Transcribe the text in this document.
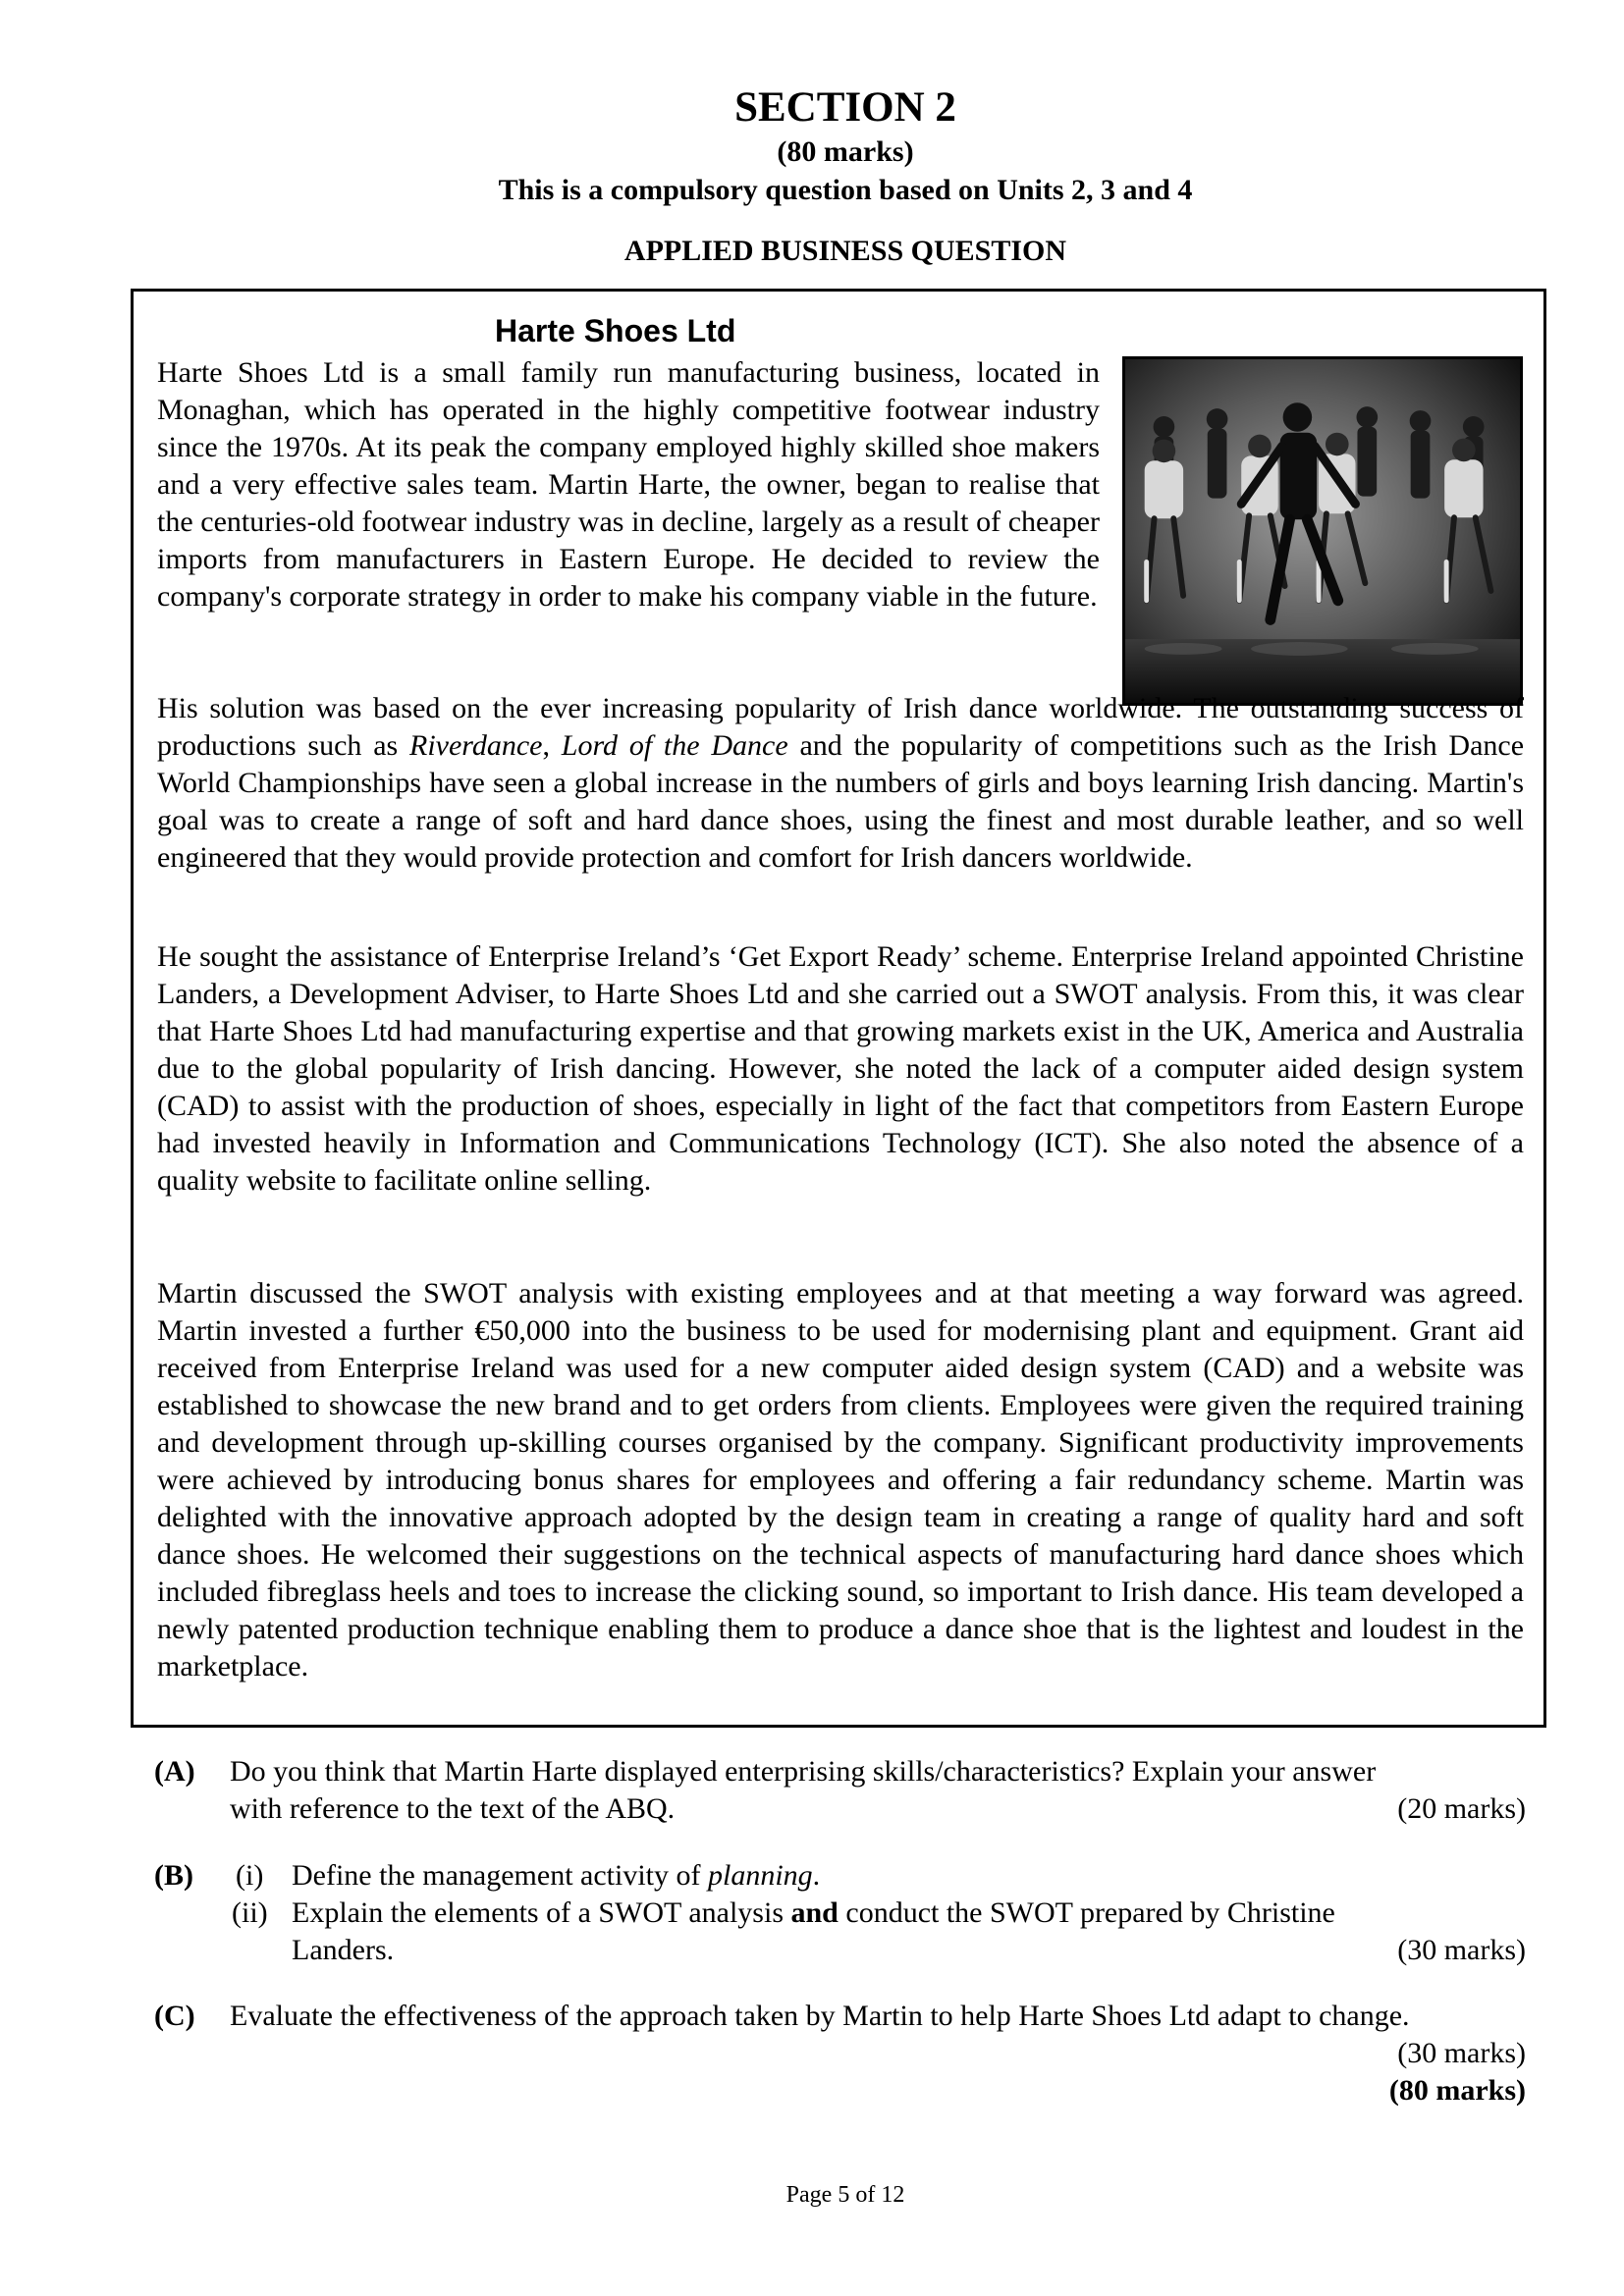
SECTION 2
(80 marks)
This is a compulsory question based on Units 2, 3 and 4
APPLIED BUSINESS QUESTION
Harte Shoes Ltd

Harte Shoes Ltd is a small family run manufacturing business, located in Monaghan, which has operated in the highly competitive footwear industry since the 1970s. At its peak the company employed highly skilled shoe makers and a very effective sales team. Martin Harte, the owner, began to realise that the centuries-old footwear industry was in decline, largely as a result of cheaper imports from manufacturers in Eastern Europe. He decided to review the company's corporate strategy in order to make his company viable in the future.

His solution was based on the ever increasing popularity of Irish dance worldwide. The outstanding success of productions such as Riverdance, Lord of the Dance and the popularity of competitions such as the Irish Dance World Championships have seen a global increase in the numbers of girls and boys learning Irish dancing. Martin's goal was to create a range of soft and hard dance shoes, using the finest and most durable leather, and so well engineered that they would provide protection and comfort for Irish dancers worldwide.

He sought the assistance of Enterprise Ireland’s ‘Get Export Ready’ scheme. Enterprise Ireland appointed Christine Landers, a Development Adviser, to Harte Shoes Ltd and she carried out a SWOT analysis. From this, it was clear that Harte Shoes Ltd had manufacturing expertise and that growing markets exist in the UK, America and Australia due to the global popularity of Irish dancing. However, she noted the lack of a computer aided design system (CAD) to assist with the production of shoes, especially in light of the fact that competitors from Eastern Europe had invested heavily in Information and Communications Technology (ICT). She also noted the absence of a quality website to facilitate online selling.

Martin discussed the SWOT analysis with existing employees and at that meeting a way forward was agreed. Martin invested a further €50,000 into the business to be used for modernising plant and equipment. Grant aid received from Enterprise Ireland was used for a new computer aided design system (CAD) and a website was established to showcase the new brand and to get orders from clients. Employees were given the required training and development through up-skilling courses organised by the company. Significant productivity improvements were achieved by introducing bonus shares for employees and offering a fair redundancy scheme. Martin was delighted with the innovative approach adopted by the design team in creating a range of quality hard and soft dance shoes. He welcomed their suggestions on the technical aspects of manufacturing hard dance shoes which included fibreglass heels and toes to increase the clicking sound, so important to Irish dance. His team developed a newly patented production technique enabling them to produce a dance shoe that is the lightest and loudest in the marketplace.

(A) Do you think that Martin Harte displayed enterprising skills/characteristics? Explain your answer
with reference to the text of the ABQ.	(20 marks)
(B) (i) Define the management activity of planning.
(ii) Explain the elements of a SWOT analysis and conduct the SWOT prepared by Christine
Landers.	(30 marks)
(C) Evaluate the effectiveness of the approach taken by Martin to help Harte Shoes Ltd adapt to change.
(30 marks)
(80 marks)
Page 5 of 12
